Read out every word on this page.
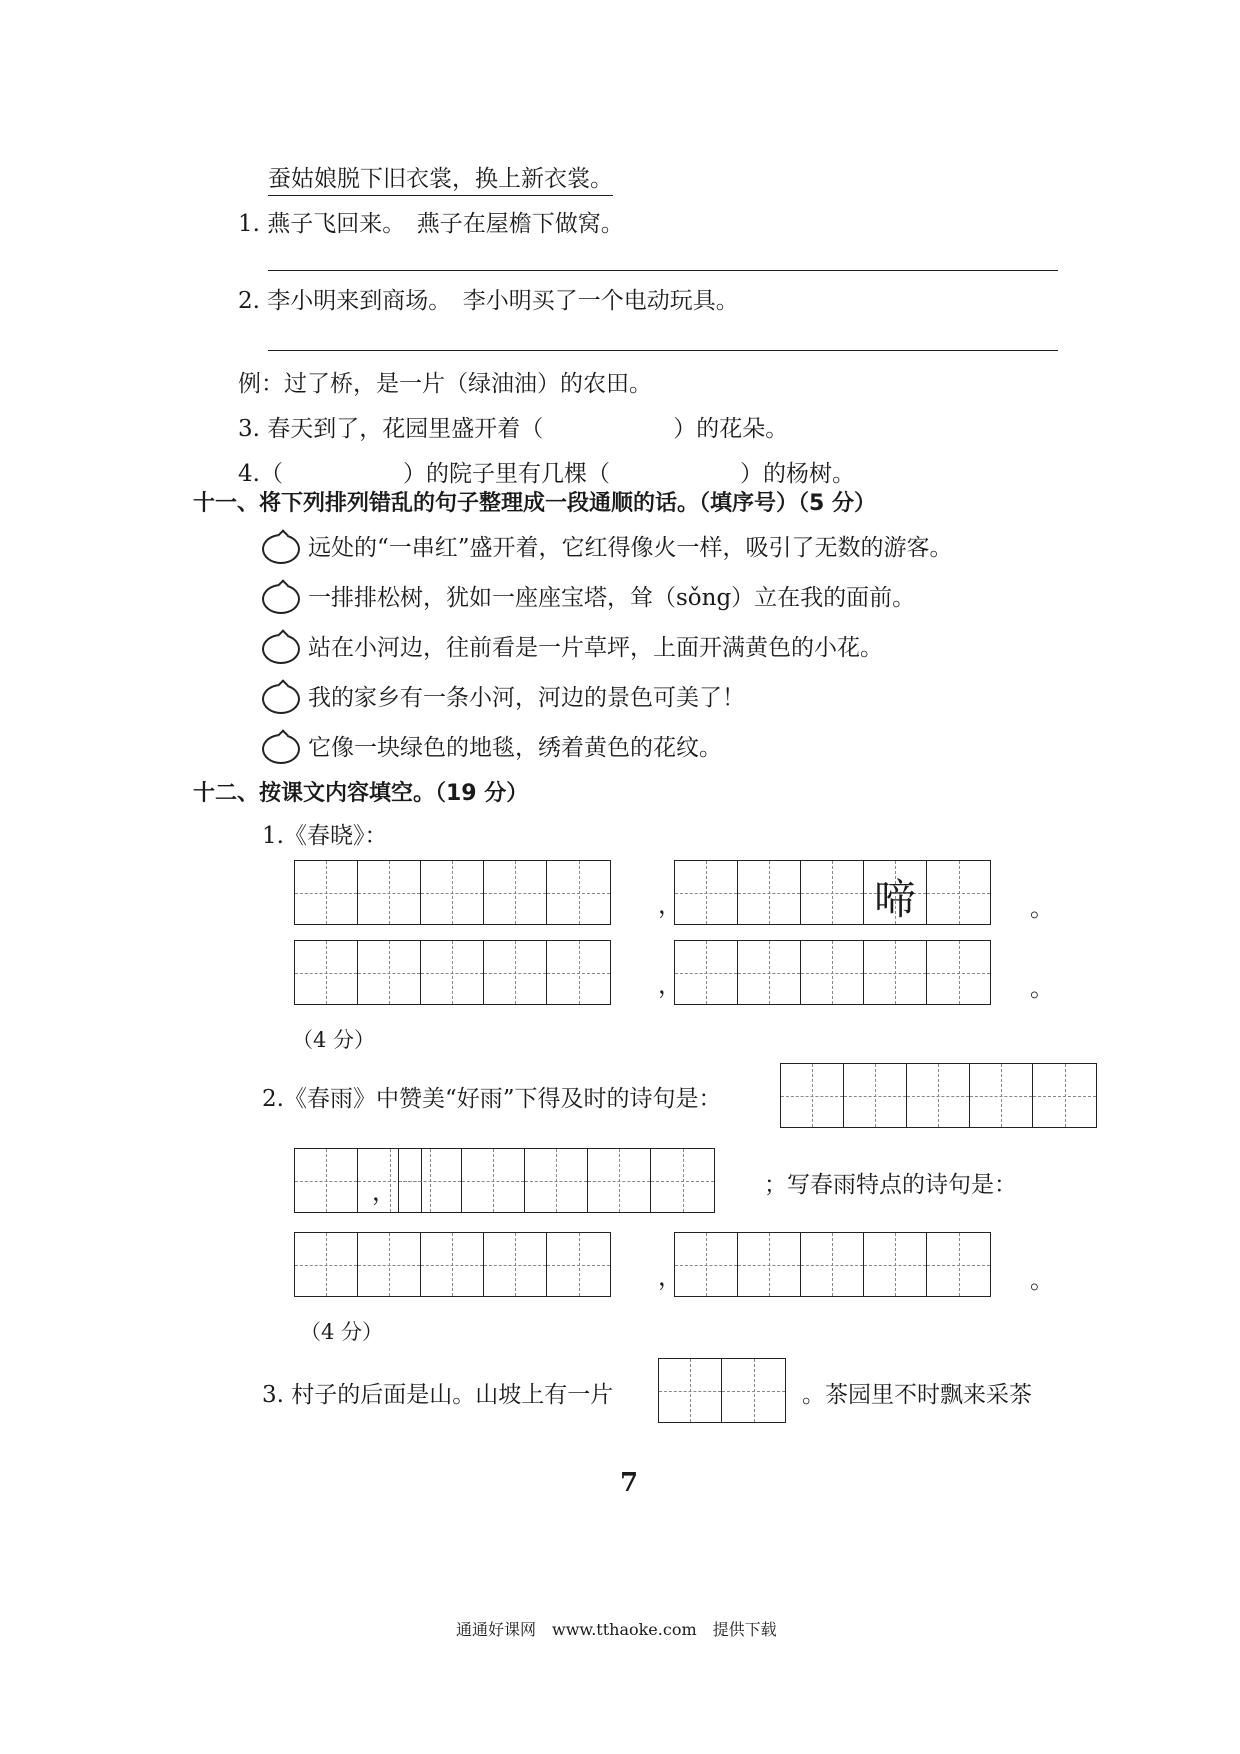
蚕姑娘脱下旧衣裳，换上新衣裳。
1. 燕子飞回来。　燕子在屋檐下做窝。
2. 李小明来到商场。　李小明买了一个电动玩具。
例：过了桥，是一片（绿油油）的农田。
3. 春天到了，花园里盛开着（	）的花朵。
4.（	）的院子里有几棵（	）的杨树。
十一、将下列排列错乱的句子整理成一段通顺的话。（填序号）（5 分）
远处的“一串红”盛开着，它红得像火一样，吸引了无数的游客。
一排排松树，犹如一座座宝塔，耸（sǒng）立在我的面前。
站在小河边，往前看是一片草坪，上面开满黄色的小花。
我的家乡有一条小河，河边的景色可美了！
它像一块绿色的地毯，绣着黄色的花纹。
十二、按课文内容填空。（19 分）
1.《春晓》：
，	啼	。
，	。
（4 分）
2.《春雨》中赞美“好雨”下得及时的诗句是：
，	；写春雨特点的诗句是：
，	。
（4 分）
3. 村子的后面是山。山坡上有一片	。茶园里不时飘来采茶
7
通通好课网　www.tthaoke.com　提供下载
